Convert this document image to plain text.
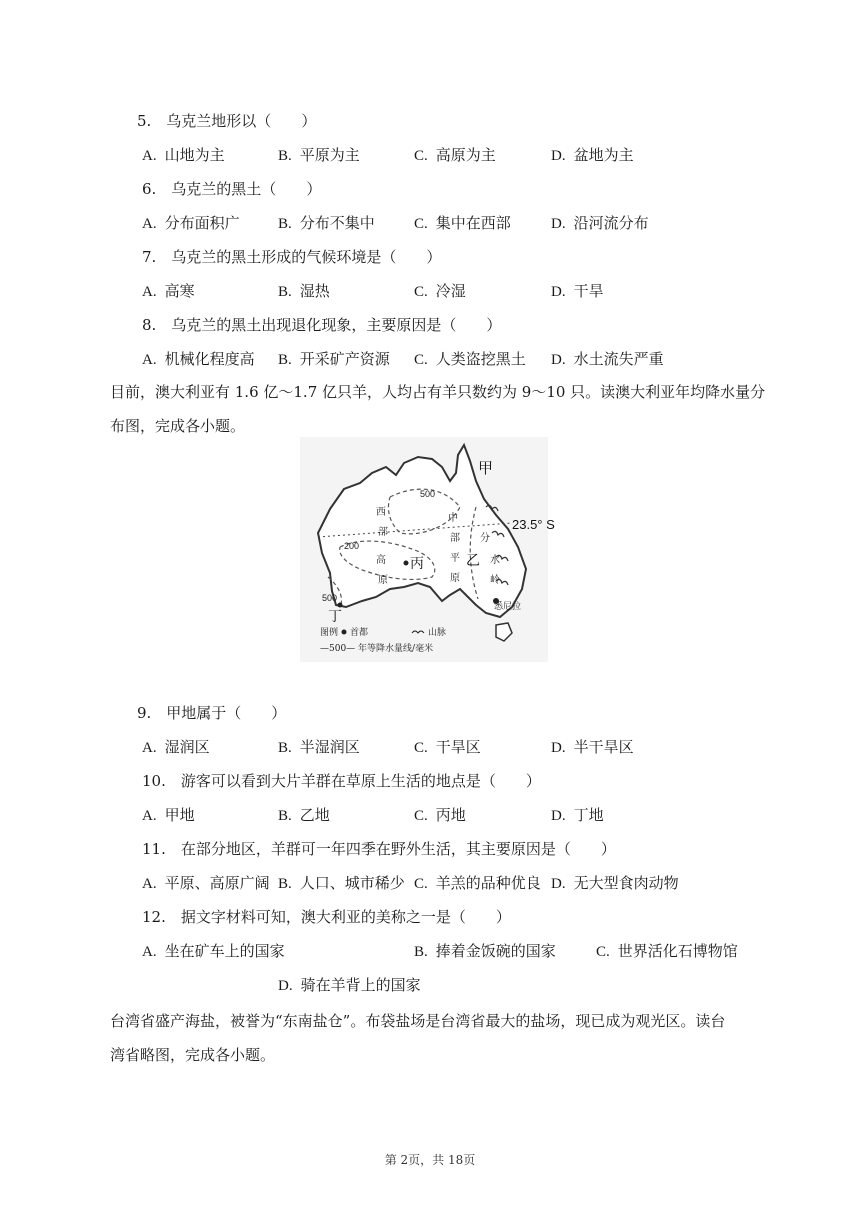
5.　乌克兰地形以（　　）
A. 山地为主	B. 平原为主	C. 高原为主	D. 盆地为主
6.　乌克兰的黑土（　　）
A. 分布面积广	B. 分布不集中	C. 集中在西部	D. 沿河流分布
7.　乌克兰的黑土形成的气候环境是（　　）
A. 高寒	B. 湿热	C. 冷湿	D. 干旱
8.　乌克兰的黑土出现退化现象，主要原因是（　　）
A. 机械化程度高 B. 开采矿产资源 C. 人类盗挖黑土 D. 水土流失严重
目前，澳大利亚有 1.6 亿～1.7 亿只羊，人均占有羊只数约为 9～10 只。读澳大利亚年均降水量分
布图，完成各小题。
甲
23.5° S
西
部
高
原
中
部
平
原
分
水
岭
丙	乙
丁
500
200
500
悉尼拉
图例 首都	山脉
—500— 年等降水量线/毫米
9.　甲地属于（　　）
A. 湿润区	B. 半湿润区	C. 干旱区	D. 半干旱区
10.　游客可以看到大片羊群在草原上生活的地点是（　　）
A. 甲地	B. 乙地	C. 丙地	D. 丁地
11.　在部分地区，羊群可一年四季在野外生活，其主要原因是（　　）
A. 平原、高原广阔 B. 人口、城市稀少 C. 羊羔的品种优良 D. 无大型食肉动物
12.　据文字材料可知，澳大利亚的美称之一是（　　）
A. 坐在矿车上的国家	B. 捧着金饭碗的国家	C. 世界活化石博物馆
D. 骑在羊背上的国家
台湾省盛产海盐，被誉为“东南盐仓”。布袋盐场是台湾省最大的盐场，现已成为观光区。读台
湾省略图，完成各小题。
第 2页，共 18页
